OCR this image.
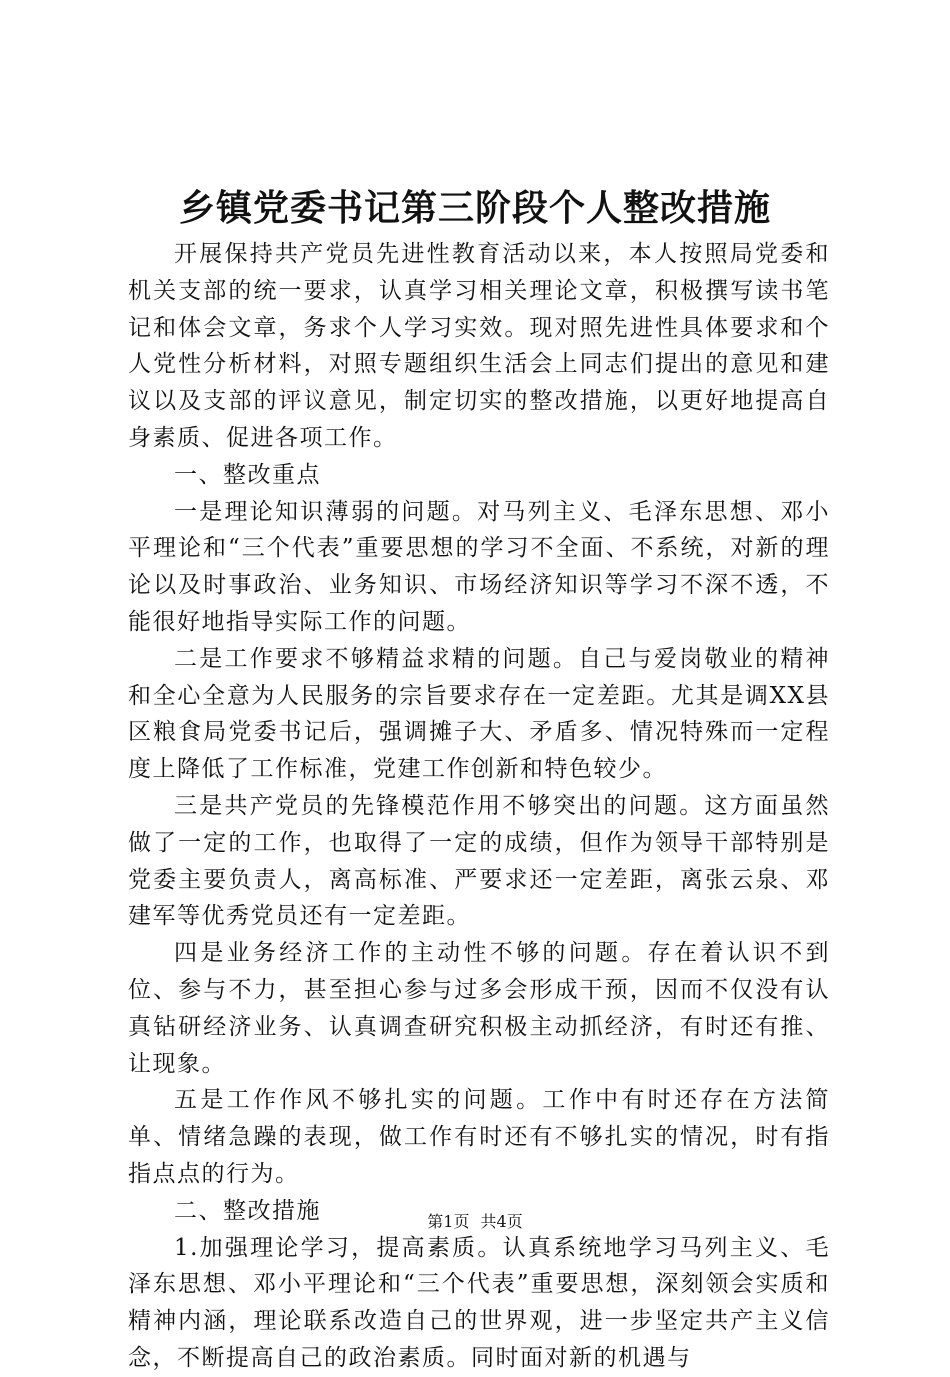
乡镇党委书记第三阶段个人整改措施

开展保持共产党员先进性教育活动以来，本人按照局党委和机关支部的统一要求，认真学习相关理论文章，积极撰写读书笔记和体会文章，务求个人学习实效。现对照先进性具体要求和个人党性分析材料，对照专题组织生活会上同志们提出的意见和建议以及支部的评议意见，制定切实的整改措施，以更好地提高自身素质、促进各项工作。

一、整改重点

一是理论知识薄弱的问题。对马列主义、毛泽东思想、邓小平理论和“三个代表”重要思想的学习不全面、不系统，对新的理论以及时事政治、业务知识、市场经济知识等学习不深不透，不能很好地指导实际工作的问题。

二是工作要求不够精益求精的问题。自己与爱岗敬业的精神和全心全意为人民服务的宗旨要求存在一定差距。尤其是调XX县区粮食局党委书记后，强调摊子大、矛盾多、情况特殊而一定程度上降低了工作标准，党建工作创新和特色较少。

三是共产党员的先锋模范作用不够突出的问题。这方面虽然做了一定的工作，也取得了一定的成绩，但作为领导干部特别是党委主要负责人，离高标准、严要求还一定差距，离张云泉、邓建军等优秀党员还有一定差距。

四是业务经济工作的主动性不够的问题。存在着认识不到位、参与不力，甚至担心参与过多会形成干预，因而不仅没有认真钻研经济业务、认真调查研究积极主动抓经济，有时还有推、让现象。

五是工作作风不够扎实的问题。工作中有时还存在方法简单、情绪急躁的表现，做工作有时还有不够扎实的情况，时有指指点点的行为。

二、整改措施

1.加强理论学习，提高素质。认真系统地学习马列主义、毛泽东思想、邓小平理论和“三个代表”重要思想，深刻领会实质和精神内涵，理论联系改造自己的世界观，进一步坚定共产主义信念，不断提高自己的政治素质。同时面对新的机遇与

第1页 共4页
